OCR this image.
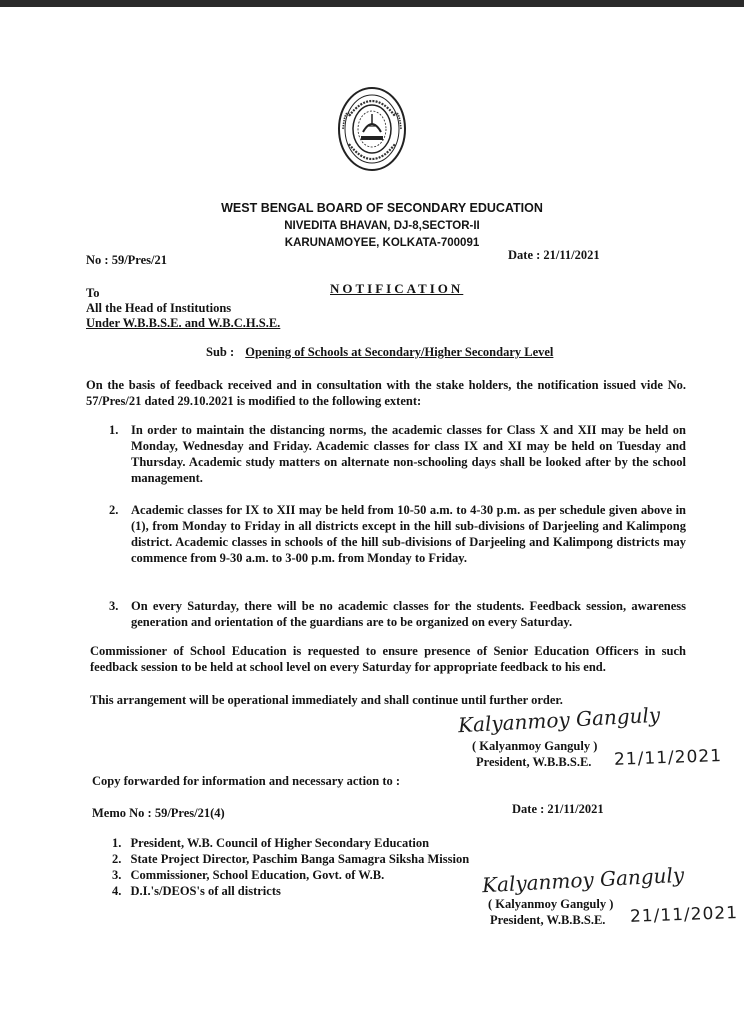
WEST BENGAL BOARD OF SECONDARY EDUCATION
NIVEDITA BHAVAN, DJ-8,SECTOR-II
KARUNAMOYEE, KOLKATA-700091
No : 59/Pres/21	Date : 21/11/2021
To	NOTIFICATION
All the Head of Institutions
Under W.B.B.S.E. and W.B.C.H.S.E.
Sub : Opening of Schools at Secondary/Higher Secondary Level
On the basis of feedback received and in consultation with the stake holders, the notification issued vide No. 57/Pres/21 dated 29.10.2021 is modified to the following extent:
1. In order to maintain the distancing norms, the academic classes for Class X and XII may be held on Monday, Wednesday and Friday. Academic classes for class IX and XI may be held on Tuesday and Thursday. Academic study matters on alternate non-schooling days shall be looked after by the school management.
2. Academic classes for IX to XII may be held from 10-50 a.m. to 4-30 p.m. as per schedule given above in (1), from Monday to Friday in all districts except in the hill sub-divisions of Darjeeling and Kalimpong district. Academic classes in schools of the hill sub-divisions of Darjeeling and Kalimpong districts may commence from 9-30 a.m. to 3-00 p.m. from Monday to Friday.
3. On every Saturday, there will be no academic classes for the students. Feedback session, awareness generation and orientation of the guardians are to be organized on every Saturday.
Commissioner of School Education is requested to ensure presence of Senior Education Officers in such feedback session to be held at school level on every Saturday for appropriate feedback to his end.
This arrangement will be operational immediately and shall continue until further order.
Kalyanmoy Ganguly
( Kalyanmoy Ganguly )
President, W.B.B.S.E. 21/11/2021
Copy forwarded for information and necessary action to :
Memo No : 59/Pres/21(4)	Date : 21/11/2021
1. President, W.B. Council of Higher Secondary Education
2. State Project Director, Paschim Banga Samagra Siksha Mission
3. Commissioner, School Education, Govt. of W.B.
4. D.I.'s/DEOS's of all districts	Kalyanmoy Ganguly
( Kalyanmoy Ganguly )
President, W.B.B.S.E. 21/11/2021
